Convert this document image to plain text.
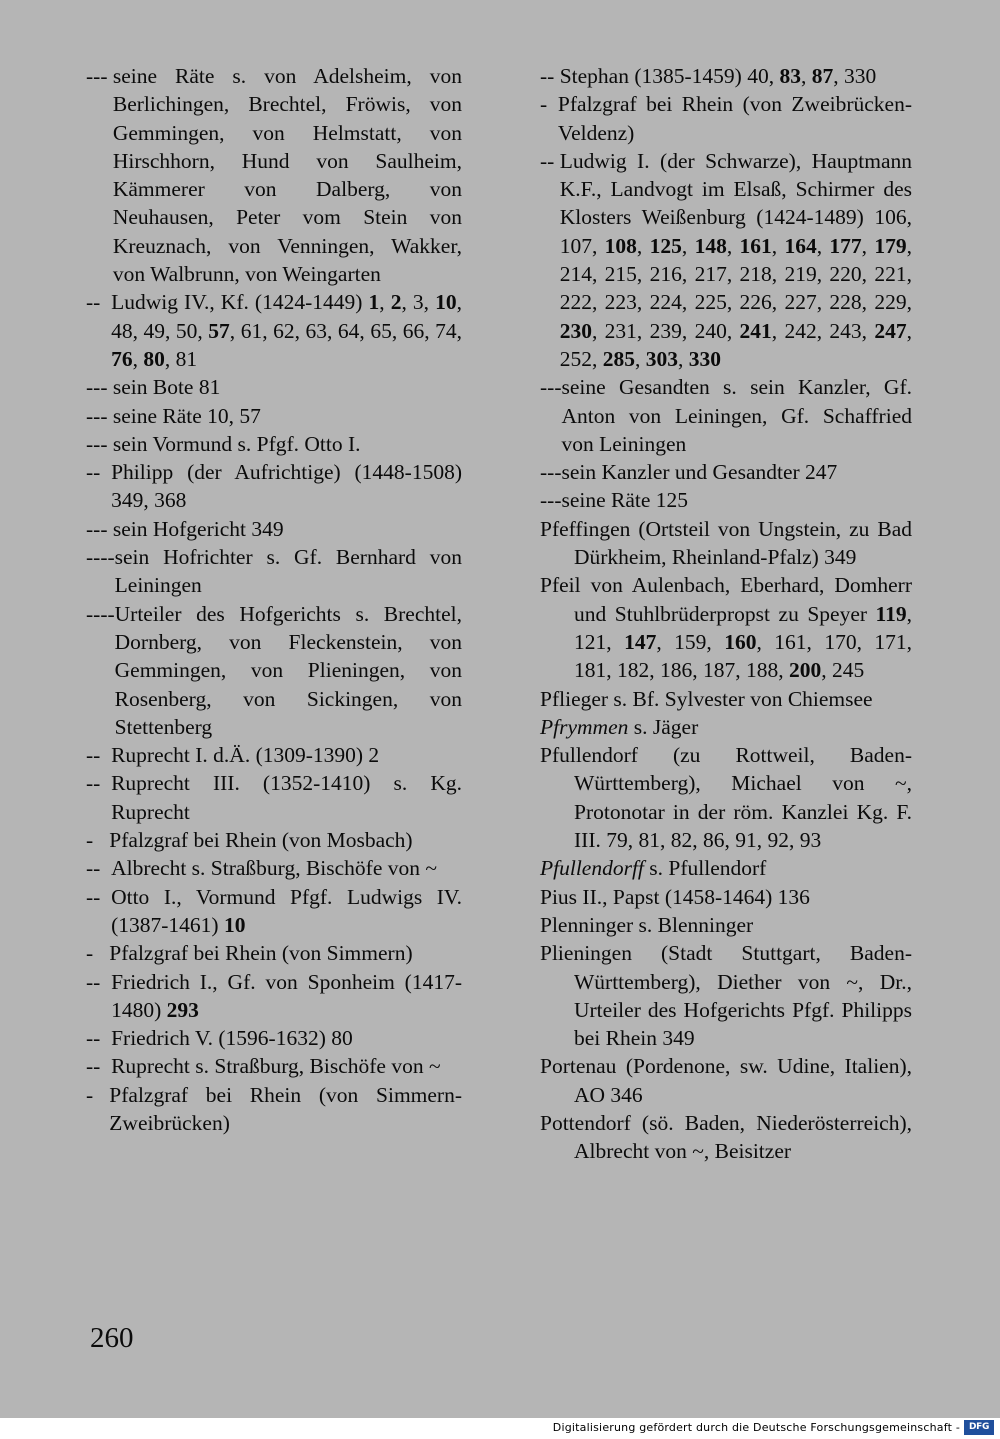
--- seine Räte s. von Adelsheim, von Berlichingen, Brechtel, Fröwis, von Gemmingen, von Helmstatt, von Hirschhorn, Hund von Saulheim, Kämmerer von Dalberg, von Neuhausen, Peter vom Stein von Kreuznach, von Venningen, Wakker, von Walbrunn, von Weingarten
-- Ludwig IV., Kf. (1424-1449) 1, 2, 3, 10, 48, 49, 50, 57, 61, 62, 63, 64, 65, 66, 74, 76, 80, 81
--- sein Bote 81
--- seine Räte 10, 57
--- sein Vormund s. Pfgf. Otto I.
-- Philipp (der Aufrichtige) (1448-1508) 349, 368
--- sein Hofgericht 349
---- sein Hofrichter s. Gf. Bernhard von Leiningen
---- Urteiler des Hofgerichts s. Brechtel, Dornberg, von Fleckenstein, von Gemmingen, von Plieningen, von Rosenberg, von Sickingen, von Stettenberg
-- Ruprecht I. d.Ä. (1309-1390) 2
-- Ruprecht III. (1352-1410) s. Kg. Ruprecht
- Pfalzgraf bei Rhein (von Mosbach)
-- Albrecht s. Straßburg, Bischöfe von ~
-- Otto I., Vormund Pfgf. Ludwigs IV. (1387-1461) 10
- Pfalzgraf bei Rhein (von Simmern)
-- Friedrich I., Gf. von Sponheim (1417-1480) 293
-- Friedrich V. (1596-1632) 80
-- Ruprecht s. Straßburg, Bischöfe von ~
- Pfalzgraf bei Rhein (von Simmern-Zweibrücken)
-- Stephan (1385-1459) 40, 83, 87, 330
- Pfalzgraf bei Rhein (von Zweibrücken-Veldenz)
-- Ludwig I. (der Schwarze), Hauptmann K.F., Landvogt im Elsaß, Schirmer des Klosters Weißenburg (1424-1489) 106, 107, 108, 125, 148, 161, 164, 177, 179, 214, 215, 216, 217, 218, 219, 220, 221, 222, 223, 224, 225, 226, 227, 228, 229, 230, 231, 239, 240, 241, 242, 243, 247, 252, 285, 303, 330
--- seine Gesandten s. sein Kanzler, Gf. Anton von Leiningen, Gf. Schaffried von Leiningen
--- sein Kanzler und Gesandter 247
--- seine Räte 125
Pfeffingen (Ortsteil von Ungstein, zu Bad Dürkheim, Rheinland-Pfalz) 349
Pfeil von Aulenbach, Eberhard, Domherr und Stuhlbrüderpropst zu Speyer 119, 121, 147, 159, 160, 161, 170, 171, 181, 182, 186, 187, 188, 200, 245
Pflieger s. Bf. Sylvester von Chiemsee
Pfrymmen s. Jäger
Pfullendorf (zu Rottweil, Baden-Württemberg), Michael von ~, Protonotar in der röm. Kanzlei Kg. F. III. 79, 81, 82, 86, 91, 92, 93
Pfullendorff s. Pfullendorf
Pius II., Papst (1458-1464) 136
Plenninger s. Blenninger
Plieningen (Stadt Stuttgart, Baden-Württemberg), Diether von ~, Dr., Urteiler des Hofgerichts Pfgf. Philipps bei Rhein 349
Portenau (Pordenone, sw. Udine, Italien), AO 346
Pottendorf (sö. Baden, Niederösterreich), Albrecht von ~, Beisitzer
260
Digitalisierung gefördert durch die Deutsche Forschungsgemeinschaft - DFG
